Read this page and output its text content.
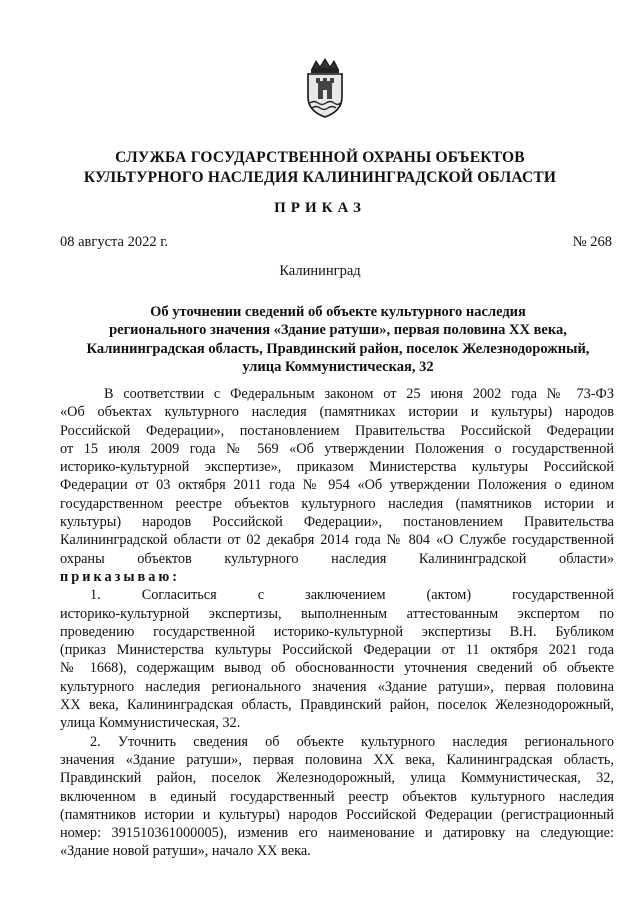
СЛУЖБА ГОСУДАРСТВЕННОЙ ОХРАНЫ ОБЪЕКТОВ
КУЛЬТУРНОГО НАСЛЕДИЯ КАЛИНИНГРАДСКОЙ ОБЛАСТИ
ПРИКАЗ
08 августа 2022 г.	№ 268
Калининград
Об уточнении сведений об объекте культурного наследия
регионального значения «Здание ратуши», первая половина XX века,
Калининградская область, Правдинский район, поселок Железнодорожный,
улица Коммунистическая, 32
В соответствии с Федеральным законом от 25 июня 2002 года № 73-ФЗ
«Об объектах культурного наследия (памятниках истории и культуры) народов
Российской Федерации», постановлением Правительства Российской Федерации
от 15 июля 2009 года № 569 «Об утверждении Положения о государственной
историко-культурной экспертизе», приказом Министерства культуры Российской
Федерации от 03 октября 2011 года № 954 «Об утверждении Положения о едином
государственном реестре объектов культурного наследия (памятников истории и
культуры) народов Российской Федерации», постановлением Правительства
Калининградской области от 02 декабря 2014 года № 804 «О Службе государственной
охраны объектов культурного наследия Калининградской области»
приказываю:
1. Согласиться с заключением (актом) государственной
историко-культурной экспертизы, выполненным аттестованным экспертом по
проведению государственной историко-культурной экспертизы В.Н. Бубликом
(приказ Министерства культуры Российской Федерации от 11 октября 2021 года
№ 1668), содержащим вывод об обоснованности уточнения сведений об объекте
культурного наследия регионального значения «Здание ратуши», первая половина
XX века, Калининградская область, Правдинский район, поселок Железнодорожный,
улица Коммунистическая, 32.
2. Уточнить сведения об объекте культурного наследия регионального
значения «Здание ратуши», первая половина XX века, Калининградская область,
Правдинский район, поселок Железнодорожный, улица Коммунистическая, 32,
включенном в единый государственный реестр объектов культурного наследия
(памятников истории и культуры) народов Российской Федерации (регистрационный
номер: 391510361000005), изменив его наименование и датировку на следующие:
«Здание новой ратуши», начало XX века.
